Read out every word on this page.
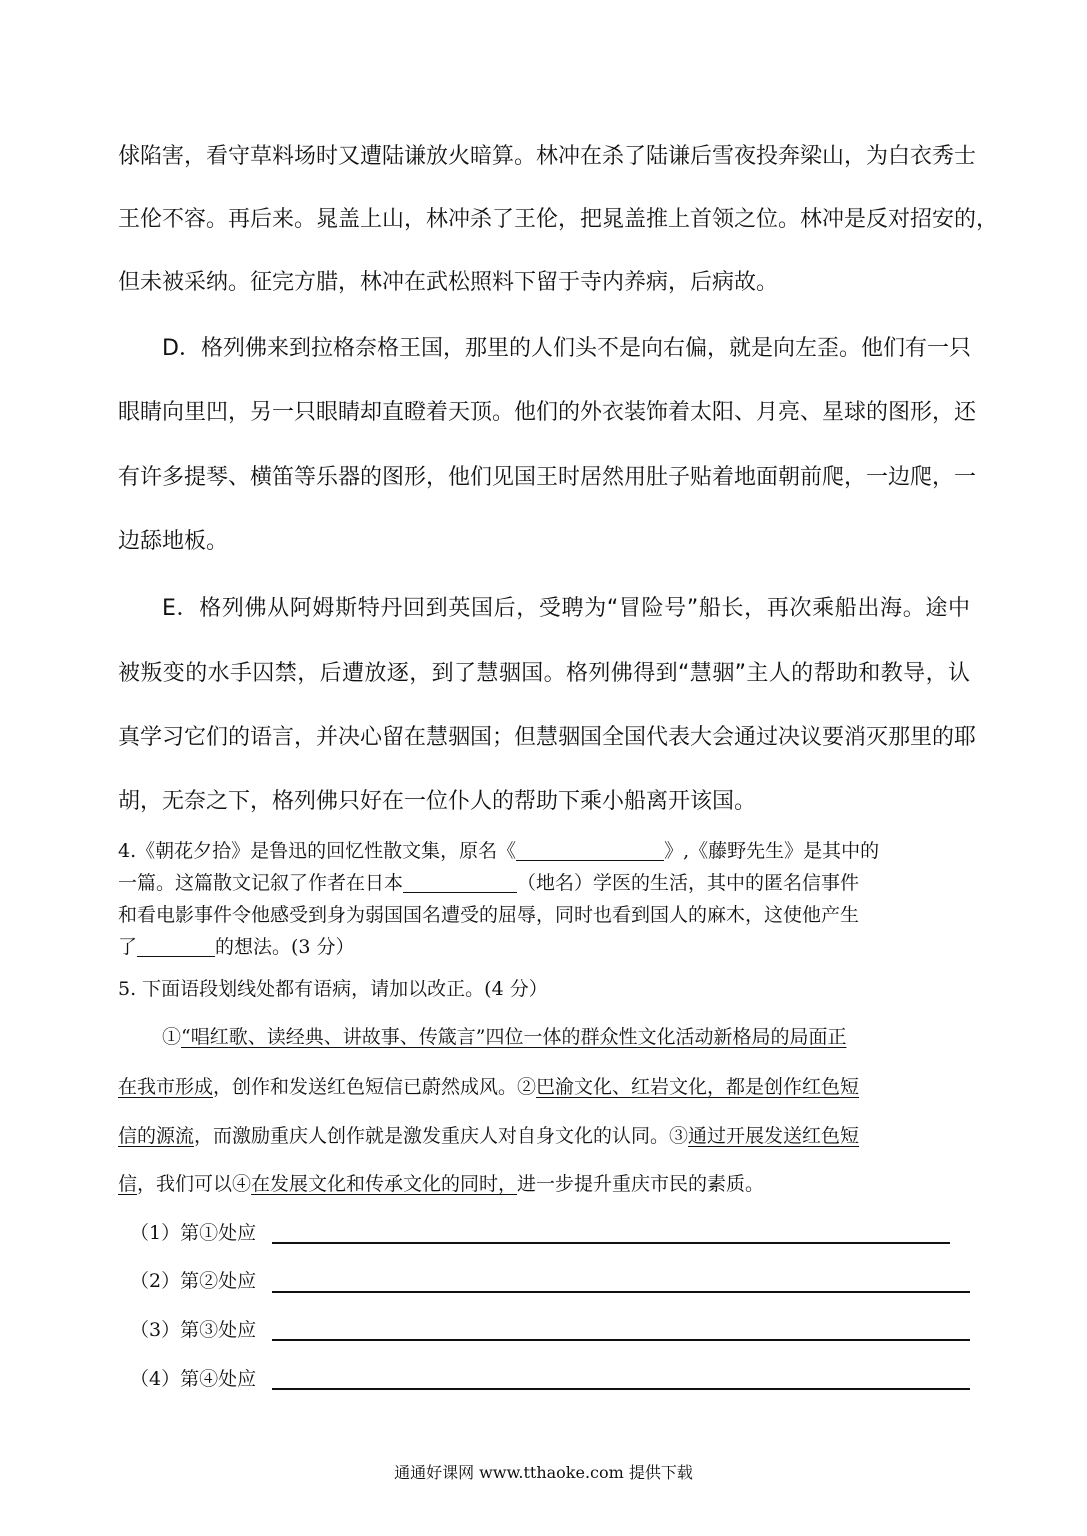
俅陷害，看守草料场时又遭陆谦放火暗算。林冲在杀了陆谦后雪夜投奔梁山，为白衣秀士
王伦不容。再后来。晁盖上山，林冲杀了王伦，把晁盖推上首领之位。林冲是反对招安的，
但未被采纳。征完方腊，林冲在武松照料下留于寺内养病，后病故。
D．格列佛来到拉格奈格王国，那里的人们头不是向右偏，就是向左歪。他们有一只
眼睛向里凹，另一只眼睛却直瞪着天顶。他们的外衣装饰着太阳、月亮、星球的图形，还
有许多提琴、横笛等乐器的图形，他们见国王时居然用肚子贴着地面朝前爬，一边爬，一
边舔地板。
E．格列佛从阿姆斯特丹回到英国后，受聘为“冒险号”船长，再次乘船出海。途中
被叛变的水手囚禁，后遭放逐，到了慧骃国。格列佛得到“慧骃”主人的帮助和教导，认
真学习它们的语言，并决心留在慧骃国；但慧骃国全国代表大会通过决议要消灭那里的耶
胡，无奈之下，格列佛只好在一位仆人的帮助下乘小船离开该国。
4.《朝花夕拾》是鲁迅的回忆性散文集，原名《	》,《藤野先生》是其中的
一篇。这篇散文记叙了作者在日本	（地名）学医的生活，其中的匿名信事件
和看电影事件令他感受到身为弱国国名遭受的屈辱，同时也看到国人的麻木，这使他产生
了	的想法。(3 分）
5. 下面语段划线处都有语病，请加以改正。(4 分）
①“唱红歌、读经典、讲故事、传箴言”四位一体的群众性文化活动新格局的局面正
在我市形成，创作和发送红色短信已蔚然成风。②巴渝文化、红岩文化，都是创作红色短
信的源流，而激励重庆人创作就是激发重庆人对自身文化的认同。③通过开展发送红色短
信，我们可以④在发展文化和传承文化的同时，进一步提升重庆市民的素质。
（1）第①处应
（2）第②处应
（3）第③处应
（4）第④处应
通通好课网 www.tthaoke.com 提供下载
